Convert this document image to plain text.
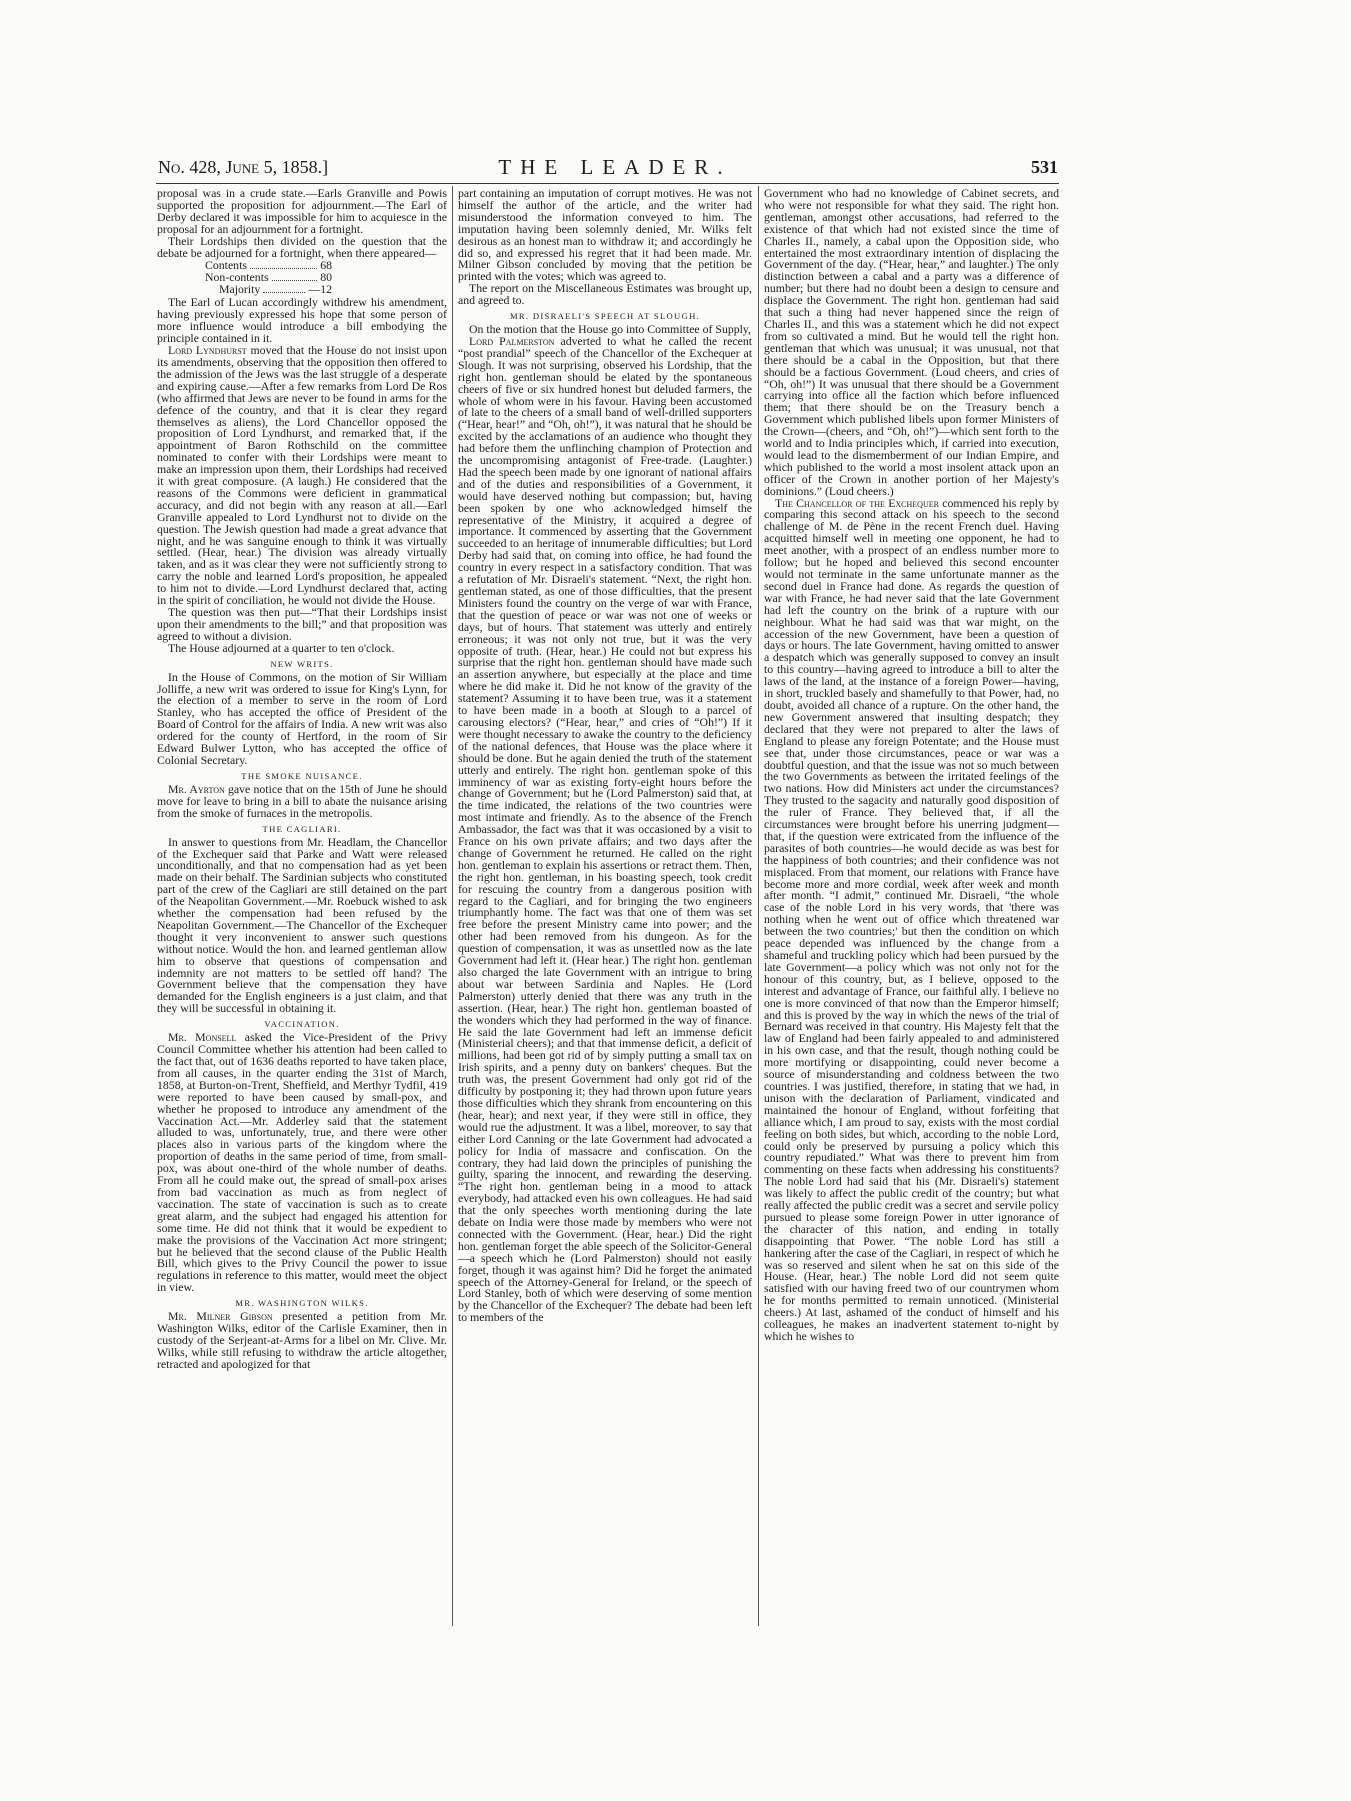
No. 428, June 5, 1858.]	THE LEADER.	531

proposal was in a crude state.—Earls Granville and Powis supported the proposition for adjournment.—The Earl of Derby declared it was impossible for him to acquiesce in the proposal for an adjournment for a fortnight.

Their Lordships then divided on the question that the debate be adjourned for a fortnight, when there appeared—

Contents	68
Non-contents	80
Majority	—12

The Earl of Lucan accordingly withdrew his amendment, having previously expressed his hope that some person of more influence would introduce a bill embodying the principle contained in it.

Lord Lyndhurst moved that the House do not insist upon its amendments, observing that the opposition then offered to the admission of the Jews was the last struggle of a desperate and expiring cause.—After a few remarks from Lord De Ros (who affirmed that Jews are never to be found in arms for the defence of the country, and that it is clear they regard themselves as aliens), the Lord Chancellor opposed the proposition of Lord Lyndhurst, and remarked that, if the appointment of Baron Rothschild on the committee nominated to confer with their Lordships were meant to make an impression upon them, their Lordships had received it with great composure. (A laugh.) He considered that the reasons of the Commons were deficient in grammatical accuracy, and did not begin with any reason at all.—Earl Granville appealed to Lord Lyndhurst not to divide on the question. The Jewish question had made a great advance that night, and he was sanguine enough to think it was virtually settled. (Hear, hear.) The division was already virtually taken, and as it was clear they were not sufficiently strong to carry the noble and learned Lord's proposition, he appealed to him not to divide.—Lord Lyndhurst declared that, acting in the spirit of conciliation, he would not divide the House.

The question was then put—“That their Lordships insist upon their amendments to the bill;” and that proposition was agreed to without a division.

The House adjourned at a quarter to ten o'clock.

NEW WRITS.

In the House of Commons, on the motion of Sir William Jolliffe, a new writ was ordered to issue for King's Lynn, for the election of a member to serve in the room of Lord Stanley, who has accepted the office of President of the Board of Control for the affairs of India. A new writ was also ordered for the county of Hertford, in the room of Sir Edward Bulwer Lytton, who has accepted the office of Colonial Secretary.

THE SMOKE NUISANCE.

Mr. Ayrton gave notice that on the 15th of June he should move for leave to bring in a bill to abate the nuisance arising from the smoke of furnaces in the metropolis.

THE CAGLIARI.

In answer to questions from Mr. Headlam, the Chancellor of the Exchequer said that Parke and Watt were released unconditionally, and that no compensation had as yet been made on their behalf. The Sardinian subjects who constituted part of the crew of the Cagliari are still detained on the part of the Neapolitan Government.—Mr. Roebuck wished to ask whether the compensation had been refused by the Neapolitan Government.—The Chancellor of the Exchequer thought it very inconvenient to answer such questions without notice. Would the hon. and learned gentleman allow him to observe that questions of compensation and indemnity are not matters to be settled off hand? The Government believe that the compensation they have demanded for the English engineers is a just claim, and that they will be successful in obtaining it.

VACCINATION.

Mr. Monsell asked the Vice-President of the Privy Council Committee whether his attention had been called to the fact that, out of 1636 deaths reported to have taken place, from all causes, in the quarter ending the 31st of March, 1858, at Burton-on-Trent, Sheffield, and Merthyr Tydfil, 419 were reported to have been caused by small-pox, and whether he proposed to introduce any amendment of the Vaccination Act.—Mr. Adderley said that the statement alluded to was, unfortunately, true, and there were other places also in various parts of the kingdom where the proportion of deaths in the same period of time, from small-pox, was about one-third of the whole number of deaths. From all he could make out, the spread of small-pox arises from bad vaccination as much as from neglect of vaccination. The state of vaccination is such as to create great alarm, and the subject had engaged his attention for some time. He did not think that it would be expedient to make the provisions of the Vaccination Act more stringent; but he believed that the second clause of the Public Health Bill, which gives to the Privy Council the power to issue regulations in reference to this matter, would meet the object in view.

MR. WASHINGTON WILKS.

Mr. Milner Gibson presented a petition from Mr. Washington Wilks, editor of the Carlisle Examiner, then in custody of the Serjeant-at-Arms for a libel on Mr. Clive. Mr. Wilks, while still refusing to withdraw the article altogether, retracted and apologized for that

part containing an imputation of corrupt motives. He was not himself the author of the article, and the writer had misunderstood the information conveyed to him. The imputation having been solemnly denied, Mr. Wilks felt desirous as an honest man to withdraw it; and accordingly he did so, and expressed his regret that it had been made. Mr. Milner Gibson concluded by moving that the petition be printed with the votes; which was agreed to.

The report on the Miscellaneous Estimates was brought up, and agreed to.

MR. DISRAELI'S SPEECH AT SLOUGH.

On the motion that the House go into Committee of Supply,

Lord Palmerston adverted to what he called the recent “post prandial” speech of the Chancellor of the Exchequer at Slough. It was not surprising, observed his Lordship, that the right hon. gentleman should be elated by the spontaneous cheers of five or six hundred honest but deluded farmers, the whole of whom were in his favour. Having been accustomed of late to the cheers of a small band of well-drilled supporters (“Hear, hear!” and “Oh, oh!”), it was natural that he should be excited by the acclamations of an audience who thought they had before them the unflinching champion of Protection and the uncompromising antagonist of Free-trade. (Laughter.) Had the speech been made by one ignorant of national affairs and of the duties and responsibilities of a Government, it would have deserved nothing but compassion; but, having been spoken by one who acknowledged himself the representative of the Ministry, it acquired a degree of importance. It commenced by asserting that the Government succeeded to an heritage of innumerable difficulties; but Lord Derby had said that, on coming into office, he had found the country in every respect in a satisfactory condition. That was a refutation of Mr. Disraeli's statement. “Next, the right hon. gentleman stated, as one of those difficulties, that the present Ministers found the country on the verge of war with France, that the question of peace or war was not one of weeks or days, but of hours. That statement was utterly and entirely erroneous; it was not only not true, but it was the very opposite of truth. (Hear, hear.) He could not but express his surprise that the right hon. gentleman should have made such an assertion anywhere, but especially at the place and time where he did make it. Did he not know of the gravity of the statement? Assuming it to have been true, was it a statement to have been made in a booth at Slough to a parcel of carousing electors? (“Hear, hear,” and cries of “Oh!”) If it were thought necessary to awake the country to the deficiency of the national defences, that House was the place where it should be done. But he again denied the truth of the statement utterly and entirely. The right hon. gentleman spoke of this imminency of war as existing forty-eight hours before the change of Government; but he (Lord Palmerston) said that, at the time indicated, the relations of the two countries were most intimate and friendly. As to the absence of the French Ambassador, the fact was that it was occasioned by a visit to France on his own private affairs; and two days after the change of Government he returned. He called on the right hon. gentleman to explain his assertions or retract them. Then, the right hon. gentleman, in his boasting speech, took credit for rescuing the country from a dangerous position with regard to the Cagliari, and for bringing the two engineers triumphantly home. The fact was that one of them was set free before the present Ministry came into power; and the other had been removed from his dungeon. As for the question of compensation, it was as unsettled now as the late Government had left it. (Hear hear.) The right hon. gentleman also charged the late Government with an intrigue to bring about war between Sardinia and Naples. He (Lord Palmerston) utterly denied that there was any truth in the assertion. (Hear, hear.) The right hon. gentleman boasted of the wonders which they had performed in the way of finance. He said the late Government had left an immense deficit (Ministerial cheers); and that that immense deficit, a deficit of millions, had been got rid of by simply putting a small tax on Irish spirits, and a penny duty on bankers' cheques. But the truth was, the present Government had only got rid of the difficulty by postponing it; they had thrown upon future years those difficulties which they shrank from encountering on this (hear, hear); and next year, if they were still in office, they would rue the adjustment. It was a libel, moreover, to say that either Lord Canning or the late Government had advocated a policy for India of massacre and confiscation. On the contrary, they had laid down the principles of punishing the guilty, sparing the innocent, and rewarding the deserving. “The right hon. gentleman being in a mood to attack everybody, had attacked even his own colleagues. He had said that the only speeches worth mentioning during the late debate on India were those made by members who were not connected with the Government. (Hear, hear.) Did the right hon. gentleman forget the able speech of the Solicitor-General—a speech which he (Lord Palmerston) should not easily forget, though it was against him? Did he forget the animated speech of the Attorney-General for Ireland, or the speech of Lord Stanley, both of which were deserving of some mention by the Chancellor of the Exchequer? The debate had been left to members of the

Government who had no knowledge of Cabinet secrets, and who were not responsible for what they said. The right hon. gentleman, amongst other accusations, had referred to the existence of that which had not existed since the time of Charles II., namely, a cabal upon the Opposition side, who entertained the most extraordinary intention of displacing the Government of the day. (“Hear, hear,” and laughter.) The only distinction between a cabal and a party was a difference of number; but there had no doubt been a design to censure and displace the Government. The right hon. gentleman had said that such a thing had never happened since the reign of Charles II., and this was a statement which he did not expect from so cultivated a mind. But he would tell the right hon. gentleman that which was unusual; it was unusual, not that there should be a cabal in the Opposition, but that there should be a factious Government. (Loud cheers, and cries of “Oh, oh!”) It was unusual that there should be a Government carrying into office all the faction which before influenced them; that there should be on the Treasury bench a Government which published libels upon former Ministers of the Crown—(cheers, and “Oh, oh!”)—which sent forth to the world and to India principles which, if carried into execution, would lead to the dismemberment of our Indian Empire, and which published to the world a most insolent attack upon an officer of the Crown in another portion of her Majesty's dominions.” (Loud cheers.)

The Chancellor of the Exchequer commenced his reply by comparing this second attack on his speech to the second challenge of M. de Pène in the recent French duel. Having acquitted himself well in meeting one opponent, he had to meet another, with a prospect of an endless number more to follow; but he hoped and believed this second encounter would not terminate in the same unfortunate manner as the second duel in France had done. As regards the question of war with France, he had never said that the late Government had left the country on the brink of a rupture with our neighbour. What he had said was that war might, on the accession of the new Government, have been a question of days or hours. The late Government, having omitted to answer a despatch which was generally supposed to convey an insult to this country—having agreed to introduce a bill to alter the laws of the land, at the instance of a foreign Power—having, in short, truckled basely and shamefully to that Power, had, no doubt, avoided all chance of a rupture. On the other hand, the new Government answered that insulting despatch; they declared that they were not prepared to alter the laws of England to please any foreign Potentate; and the House must see that, under those circumstances, peace or war was a doubtful question, and that the issue was not so much between the two Governments as between the irritated feelings of the two nations. How did Ministers act under the circumstances? They trusted to the sagacity and naturally good disposition of the ruler of France. They believed that, if all the circumstances were brought before his unerring judgment—that, if the question were extricated from the influence of the parasites of both countries—he would decide as was best for the happiness of both countries; and their confidence was not misplaced. From that moment, our relations with France have become more and more cordial, week after week and month after month. “I admit,” continued Mr. Disraeli, “the whole case of the noble Lord in his very words, that 'there was nothing when he went out of office which threatened war between the two countries;' but then the condition on which peace depended was influenced by the change from a shameful and truckling policy which had been pursued by the late Government—a policy which was not only not for the honour of this country, but, as I believe, opposed to the interest and advantage of France, our faithful ally. I believe no one is more convinced of that now than the Emperor himself; and this is proved by the way in which the news of the trial of Bernard was received in that country. His Majesty felt that the law of England had been fairly appealed to and administered in his own case, and that the result, though nothing could be more mortifying or disappointing, could never become a source of misunderstanding and coldness between the two countries. I was justified, therefore, in stating that we had, in unison with the declaration of Parliament, vindicated and maintained the honour of England, without forfeiting that alliance which, I am proud to say, exists with the most cordial feeling on both sides, but which, according to the noble Lord, could only be preserved by pursuing a policy which this country repudiated.” What was there to prevent him from commenting on these facts when addressing his constituents? The noble Lord had said that his (Mr. Disraeli's) statement was likely to affect the public credit of the country; but what really affected the public credit was a secret and servile policy pursued to please some foreign Power in utter ignorance of the character of this nation, and ending in totally disappointing that Power. “The noble Lord has still a hankering after the case of the Cagliari, in respect of which he was so reserved and silent when he sat on this side of the House. (Hear, hear.) The noble Lord did not seem quite satisfied with our having freed two of our countrymen whom he for months permitted to remain unnoticed. (Ministerial cheers.) At last, ashamed of the conduct of himself and his colleagues, he makes an inadvertent statement to-night by which he wishes to
